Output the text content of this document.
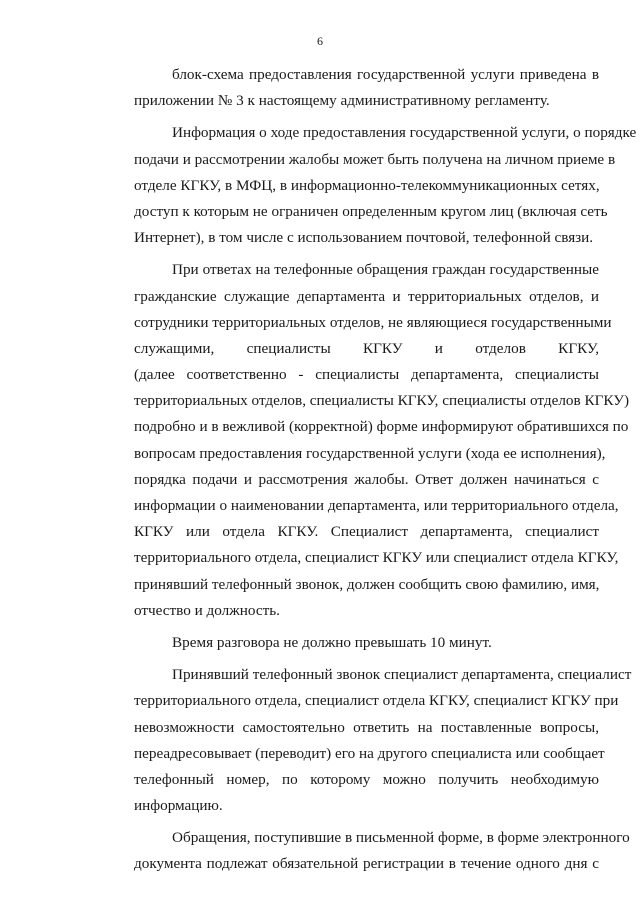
6
блок-схема предоставления государственной услуги приведена в
приложении № 3 к настоящему административному регламенту.
Информация о ходе предоставления государственной услуги, о порядке
подачи и рассмотрении жалобы может быть получена на личном приеме в
отделе КГКУ, в МФЦ, в информационно-телекоммуникационных сетях,
доступ к которым не ограничен определенным кругом лиц (включая сеть
Интернет), в том числе с использованием почтовой, телефонной связи.
При ответах на телефонные обращения граждан государственные
гражданские служащие департамента и территориальных отделов, и
сотрудники территориальных отделов, не являющиеся государственными
служащими, специалисты КГКУ и отделов КГКУ,
(далее соответственно - специалисты департамента, специалисты
территориальных отделов, специалисты КГКУ, специалисты отделов КГКУ)
подробно и в вежливой (корректной) форме информируют обратившихся по
вопросам предоставления государственной услуги (хода ее исполнения),
порядка подачи и рассмотрения жалобы. Ответ должен начинаться с
информации о наименовании департамента, или территориального отдела,
КГКУ или отдела КГКУ. Специалист департамента, специалист
территориального отдела, специалист КГКУ или специалист отдела КГКУ,
принявший телефонный звонок, должен сообщить свою фамилию, имя,
отчество и должность.
Время разговора не должно превышать 10 минут.
Принявший телефонный звонок специалист департамента, специалист
территориального отдела, специалист отдела КГКУ, специалист КГКУ при
невозможности самостоятельно ответить на поставленные вопросы,
переадресовывает (переводит) его на другого специалиста или сообщает
телефонный номер, по которому можно получить необходимую
информацию.
Обращения, поступившие в письменной форме, в форме электронного
документа подлежат обязательной регистрации в течение одного дня с
